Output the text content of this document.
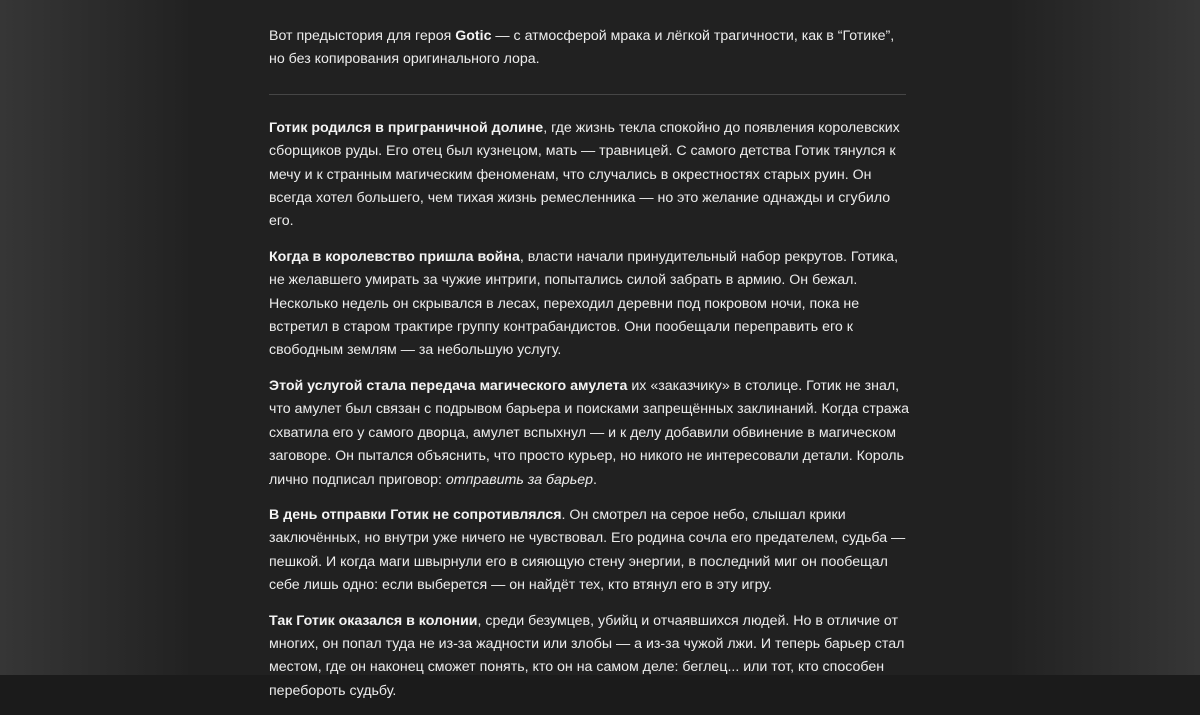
Вот предыстория для героя Gotic — с атмосферой мрака и лёгкой трагичности, как в “Готике”, но без копирования оригинального лора.

Готик родился в приграничной долине, где жизнь текла спокойно до появления королевских сборщиков руды. Его отец был кузнецом, мать — травницей. С самого детства Готик тянулся к мечу и к странным магическим феноменам, что случались в окрестностях старых руин. Он всегда хотел большего, чем тихая жизнь ремесленника — но это желание однажды и сгубило его.

Когда в королевство пришла война, власти начали принудительный набор рекрутов. Готика, не желавшего умирать за чужие интриги, попытались силой забрать в армию. Он бежал. Несколько недель он скрывался в лесах, переходил деревни под покровом ночи, пока не встретил в старом трактире группу контрабандистов. Они пообещали переправить его к свободным землям — за небольшую услугу.

Этой услугой стала передача магического амулета их «заказчику» в столице. Готик не знал, что амулет был связан с подрывом барьера и поисками запрещённых заклинаний. Когда стража схватила его у самого дворца, амулет вспыхнул — и к делу добавили обвинение в магическом заговоре. Он пытался объяснить, что просто курьер, но никого не интересовали детали. Король лично подписал приговор: отправить за барьер.

В день отправки Готик не сопротивлялся. Он смотрел на серое небо, слышал крики заключённых, но внутри уже ничего не чувствовал. Его родина сочла его предателем, судьба — пешкой. И когда маги швырнули его в сияющую стену энергии, в последний миг он пообещал себе лишь одно: если выберется — он найдёт тех, кто втянул его в эту игру.

Так Готик оказался в колонии, среди безумцев, убийц и отчаявшихся людей. Но в отличие от многих, он попал туда не из-за жадности или злобы — а из-за чужой лжи. И теперь барьер стал местом, где он наконец сможет понять, кто он на самом деле: беглец... или тот, кто способен перебороть судьбу.
